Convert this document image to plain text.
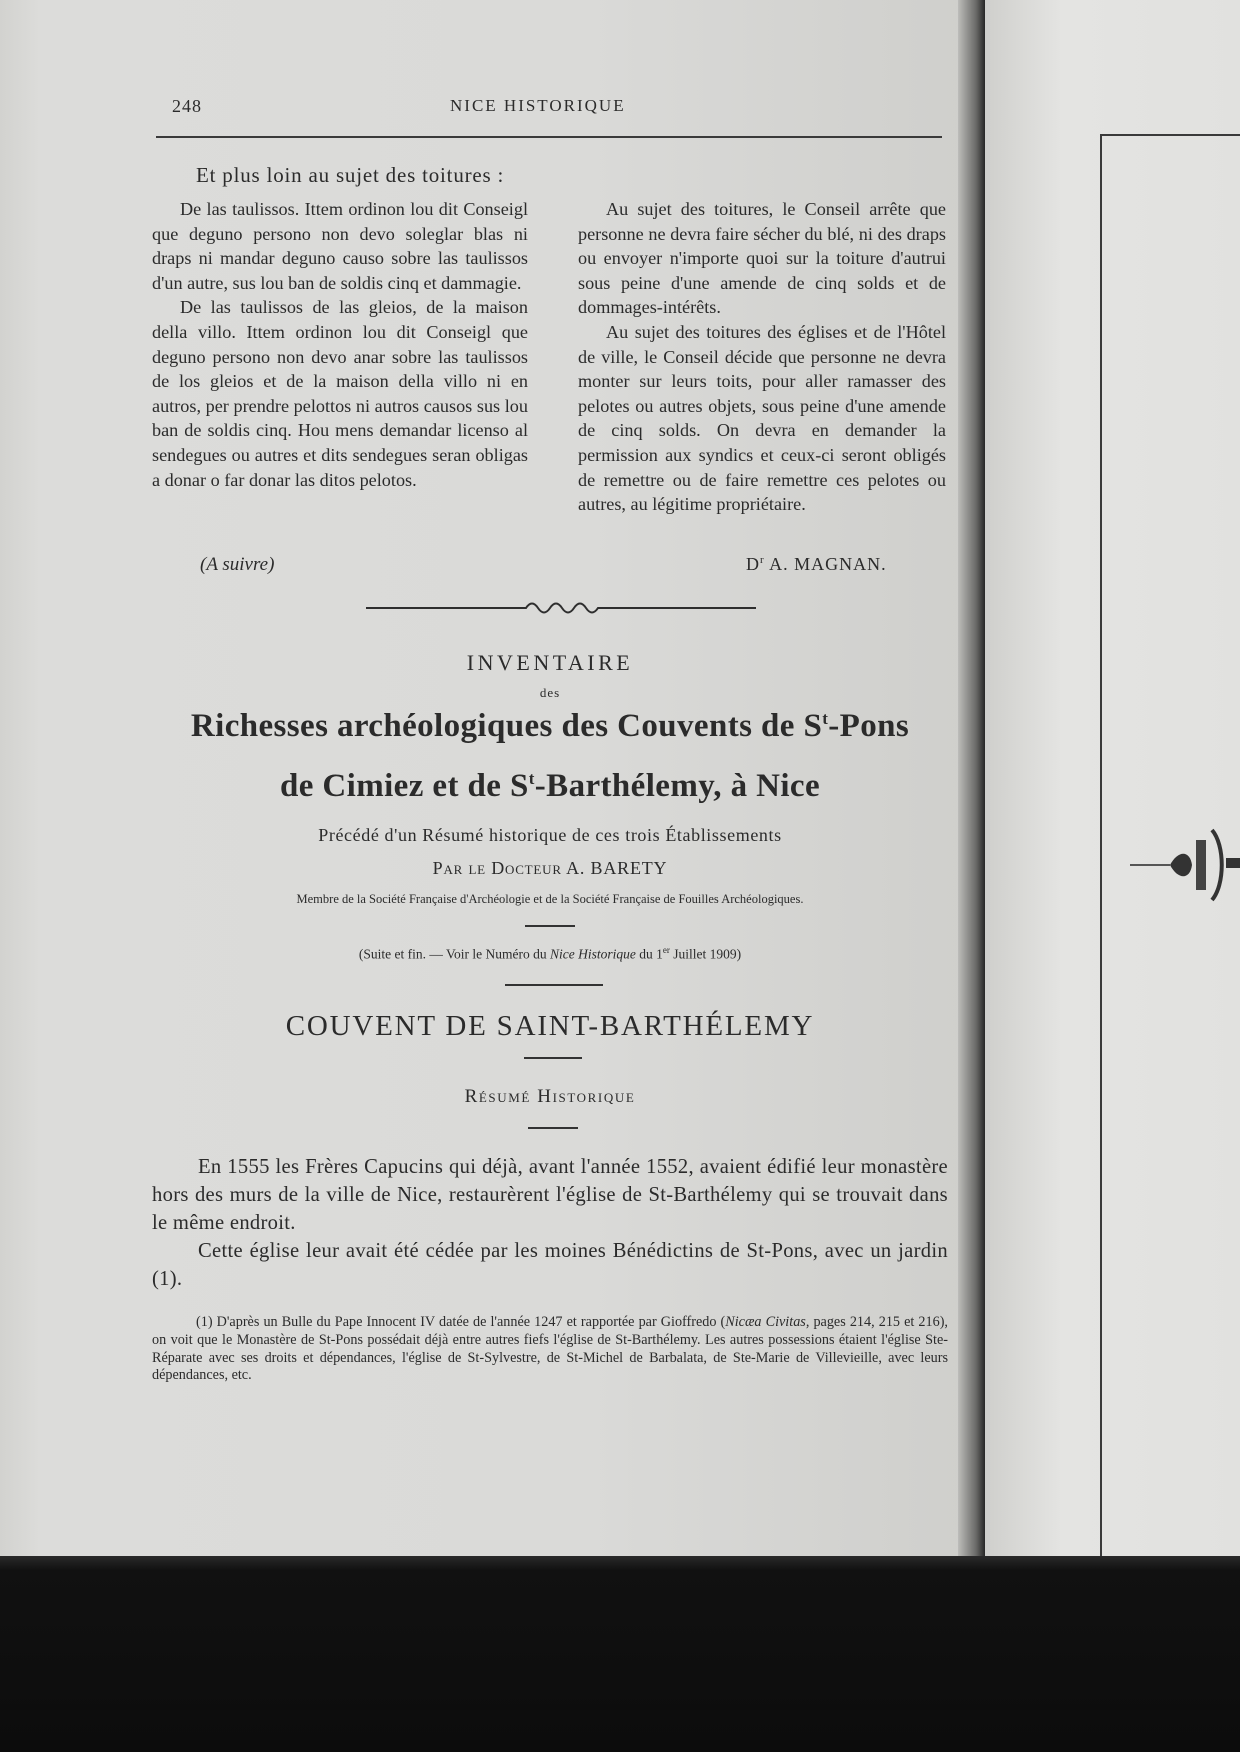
248	NICE HISTORIQUE
Et plus loin au sujet des toitures :

De las taulissos. Ittem ordinon lou dit Conseigl que deguno persono non devo soleglar blas ni draps ni mandar deguno causo sobre las taulissos d'un autre, sus lou ban de soldis cinq et dammagie.

De las taulissos de las gleios, de la maison della villo. Ittem ordinon lou dit Conseigl que deguno persono non devo anar sobre las taulissos de los gleios et de la maison della villo ni en autros, per prendre pelottos ni autros causos sus lou ban de soldis cinq. Hou mens demandar licenso al sendegues ou autres et dits sendegues seran obligas a donar o far donar las ditos pelotos.

Au sujet des toitures, le Conseil arrête que personne ne devra faire sécher du blé, ni des draps ou envoyer n'importe quoi sur la toiture d'autrui sous peine d'une amende de cinq solds et de dommages-intérêts.

Au sujet des toitures des églises et de l'Hôtel de ville, le Conseil décide que personne ne devra monter sur leurs toits, pour aller ramasser des pelotes ou autres objets, sous peine d'une amende de cinq solds. On devra en demander la permission aux syndics et ceux-ci seront obligés de remettre ou de faire remettre ces pelotes ou autres, au légitime propriétaire.

(A suivre)	$D^r$ A. MAGNAN.
INVENTAIRE
des
Richesses archéologiques des Couvents de $S^t$-Pons
de Cimiez et de $S^t$-Barthélemy, à Nice
Précédé d'un Résumé historique de ces trois Établissements
Par le Docteur A. BARETY
Membre de la Société Française d'Archéologie et de la Société Française de Fouilles Archéologiques.
(Suite et fin. — Voir le Numéro du Nice Historique du 1er Juillet 1909)
COUVENT DE SAINT-BARTHÉLEMY
Résumé Historique

En 1555 les Frères Capucins qui déjà, avant l'année 1552, avaient édifié leur monastère hors des murs de la ville de Nice, restaurèrent l'église de St-Barthélemy qui se trouvait dans le même endroit.

Cette église leur avait été cédée par les moines Bénédictins de St-Pons, avec un jardin (1).

(1) D'après un Bulle du Pape Innocent IV datée de l'année 1247 et rapportée par Gioffredo (Nicæa Civitas, pages 214, 215 et 216), on voit que le Monastère de St-Pons possédait déjà entre autres fiefs l'église de St-Barthélemy. Les autres possessions étaient l'église Ste-Réparate avec ses droits et dépendances, l'église de St-Sylvestre, de St-Michel de Barbalata, de Ste-Marie de Villevieille, avec leurs dépendances, etc.
